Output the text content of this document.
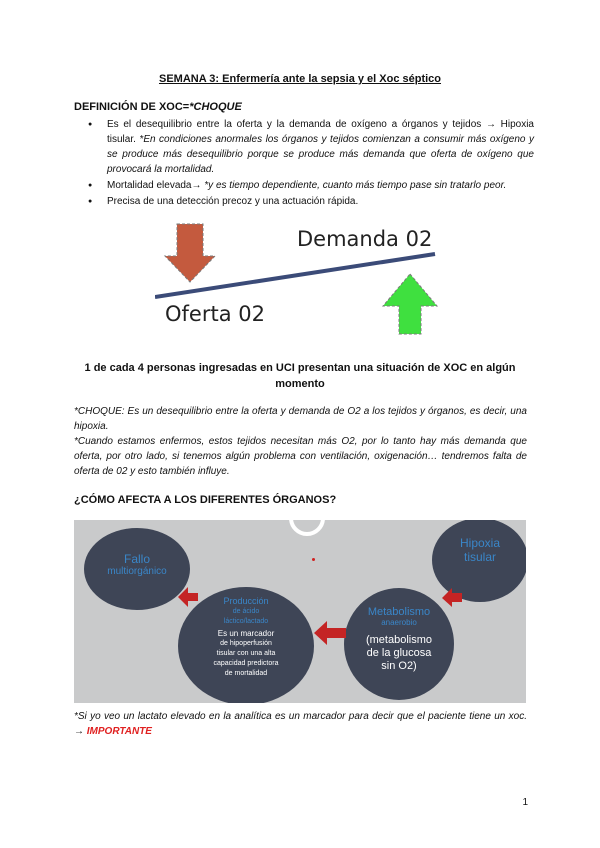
SEMANA 3: Enfermería ante la sepsia y el Xoc séptico
DEFINICIÓN DE XOC=*CHOQUE
● Es el desequilibrio entre la oferta y la demanda de oxígeno a órganos y tejidos → Hipoxia tisular. *En condiciones anormales los órganos y tejidos comienzan a consumir más oxígeno y se produce más desequilibrio porque se produce más demanda que oferta de oxígeno que provocará la mortalidad.
● Mortalidad elevada→ *y es tiempo dependiente, cuanto más tiempo pase sin tratarlo peor.
● Precisa de una detección precoz y una actuación rápida.
Demanda 02
Oferta 02
1 de cada 4 personas ingresadas en UCI presentan una situación de XOC en algún momento
*CHOQUE: Es un desequilibrio entre la oferta y demanda de O2 a los tejidos y órganos, es decir, una hipoxia.
*Cuando estamos enfermos, estos tejidos necesitan más O2, por lo tanto hay más demanda que oferta, por otro lado, si tenemos algún problema con ventilación, oxigenación… tendremos falta de oferta de 02 y esto también influye.
¿CÓMO AFECTA A LOS DIFERENTES ÓRGANOS?
Fallo
multiorgánico
Hipoxia
tisular
Producción
de ácido
láctico/lactado
Es un marcador
de hipoperfusión
tisular con una alta
capacidad predictora
de mortalidad
Metabolismo
anaerobio
(metabolismo
de la glucosa
sin O2)
*Si yo veo un lactato elevado en la analítica es un marcador para decir que el paciente tiene un xoc. → IMPORTANTE
1
